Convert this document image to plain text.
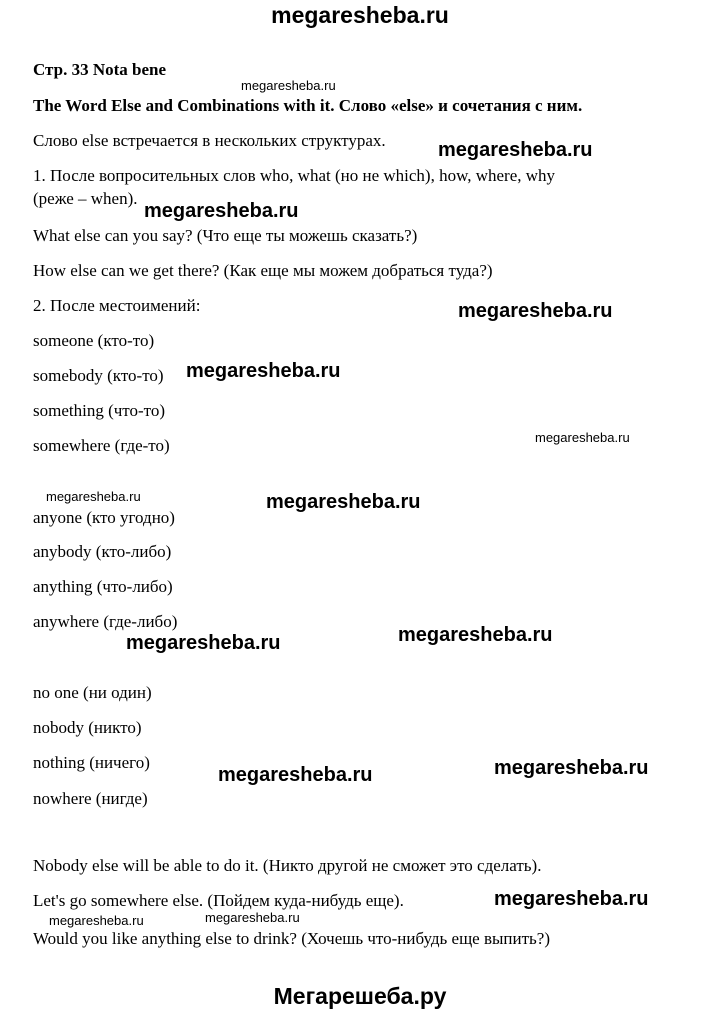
megaresheba.ru
Мегарешеба.ру
Стр. 33 Nota bene
The Word Else and Combinations with it. Слово «else» и сочетания с ним.
Слово else встречается в нескольких структурах.
1. После вопросительных слов who, what (но не which), how, where, why
(реже – when).
What else can you say? (Что еще ты можешь сказать?)
How else can we get there? (Как еще мы можем добраться туда?)
2. После местоимений:
someone (кто-то)
somebody (кто-то)
something (что-то)
somewhere (где-то)
anyone (кто угодно)
anybody (кто-либо)
anything (что-либо)
anywhere (где-либо)
no one (ни один)
nobody (никто)
nothing (ничего)
nowhere (нигде)
Nobody else will be able to do it. (Никто другой не сможет это сделать).
Let's go somewhere else. (Пойдем куда-нибудь еще).
Would you like anything else to drink? (Хочешь что-нибудь еще выпить?)
megaresheba.ru
megaresheba.ru
megaresheba.ru
megaresheba.ru
megaresheba.ru
megaresheba.ru
megaresheba.ru	megaresheba.ru
megaresheba.ru
megaresheba.ru
megaresheba.ru
megaresheba.ru
megaresheba.ru
megaresheba.ru	megaresheba.ru
